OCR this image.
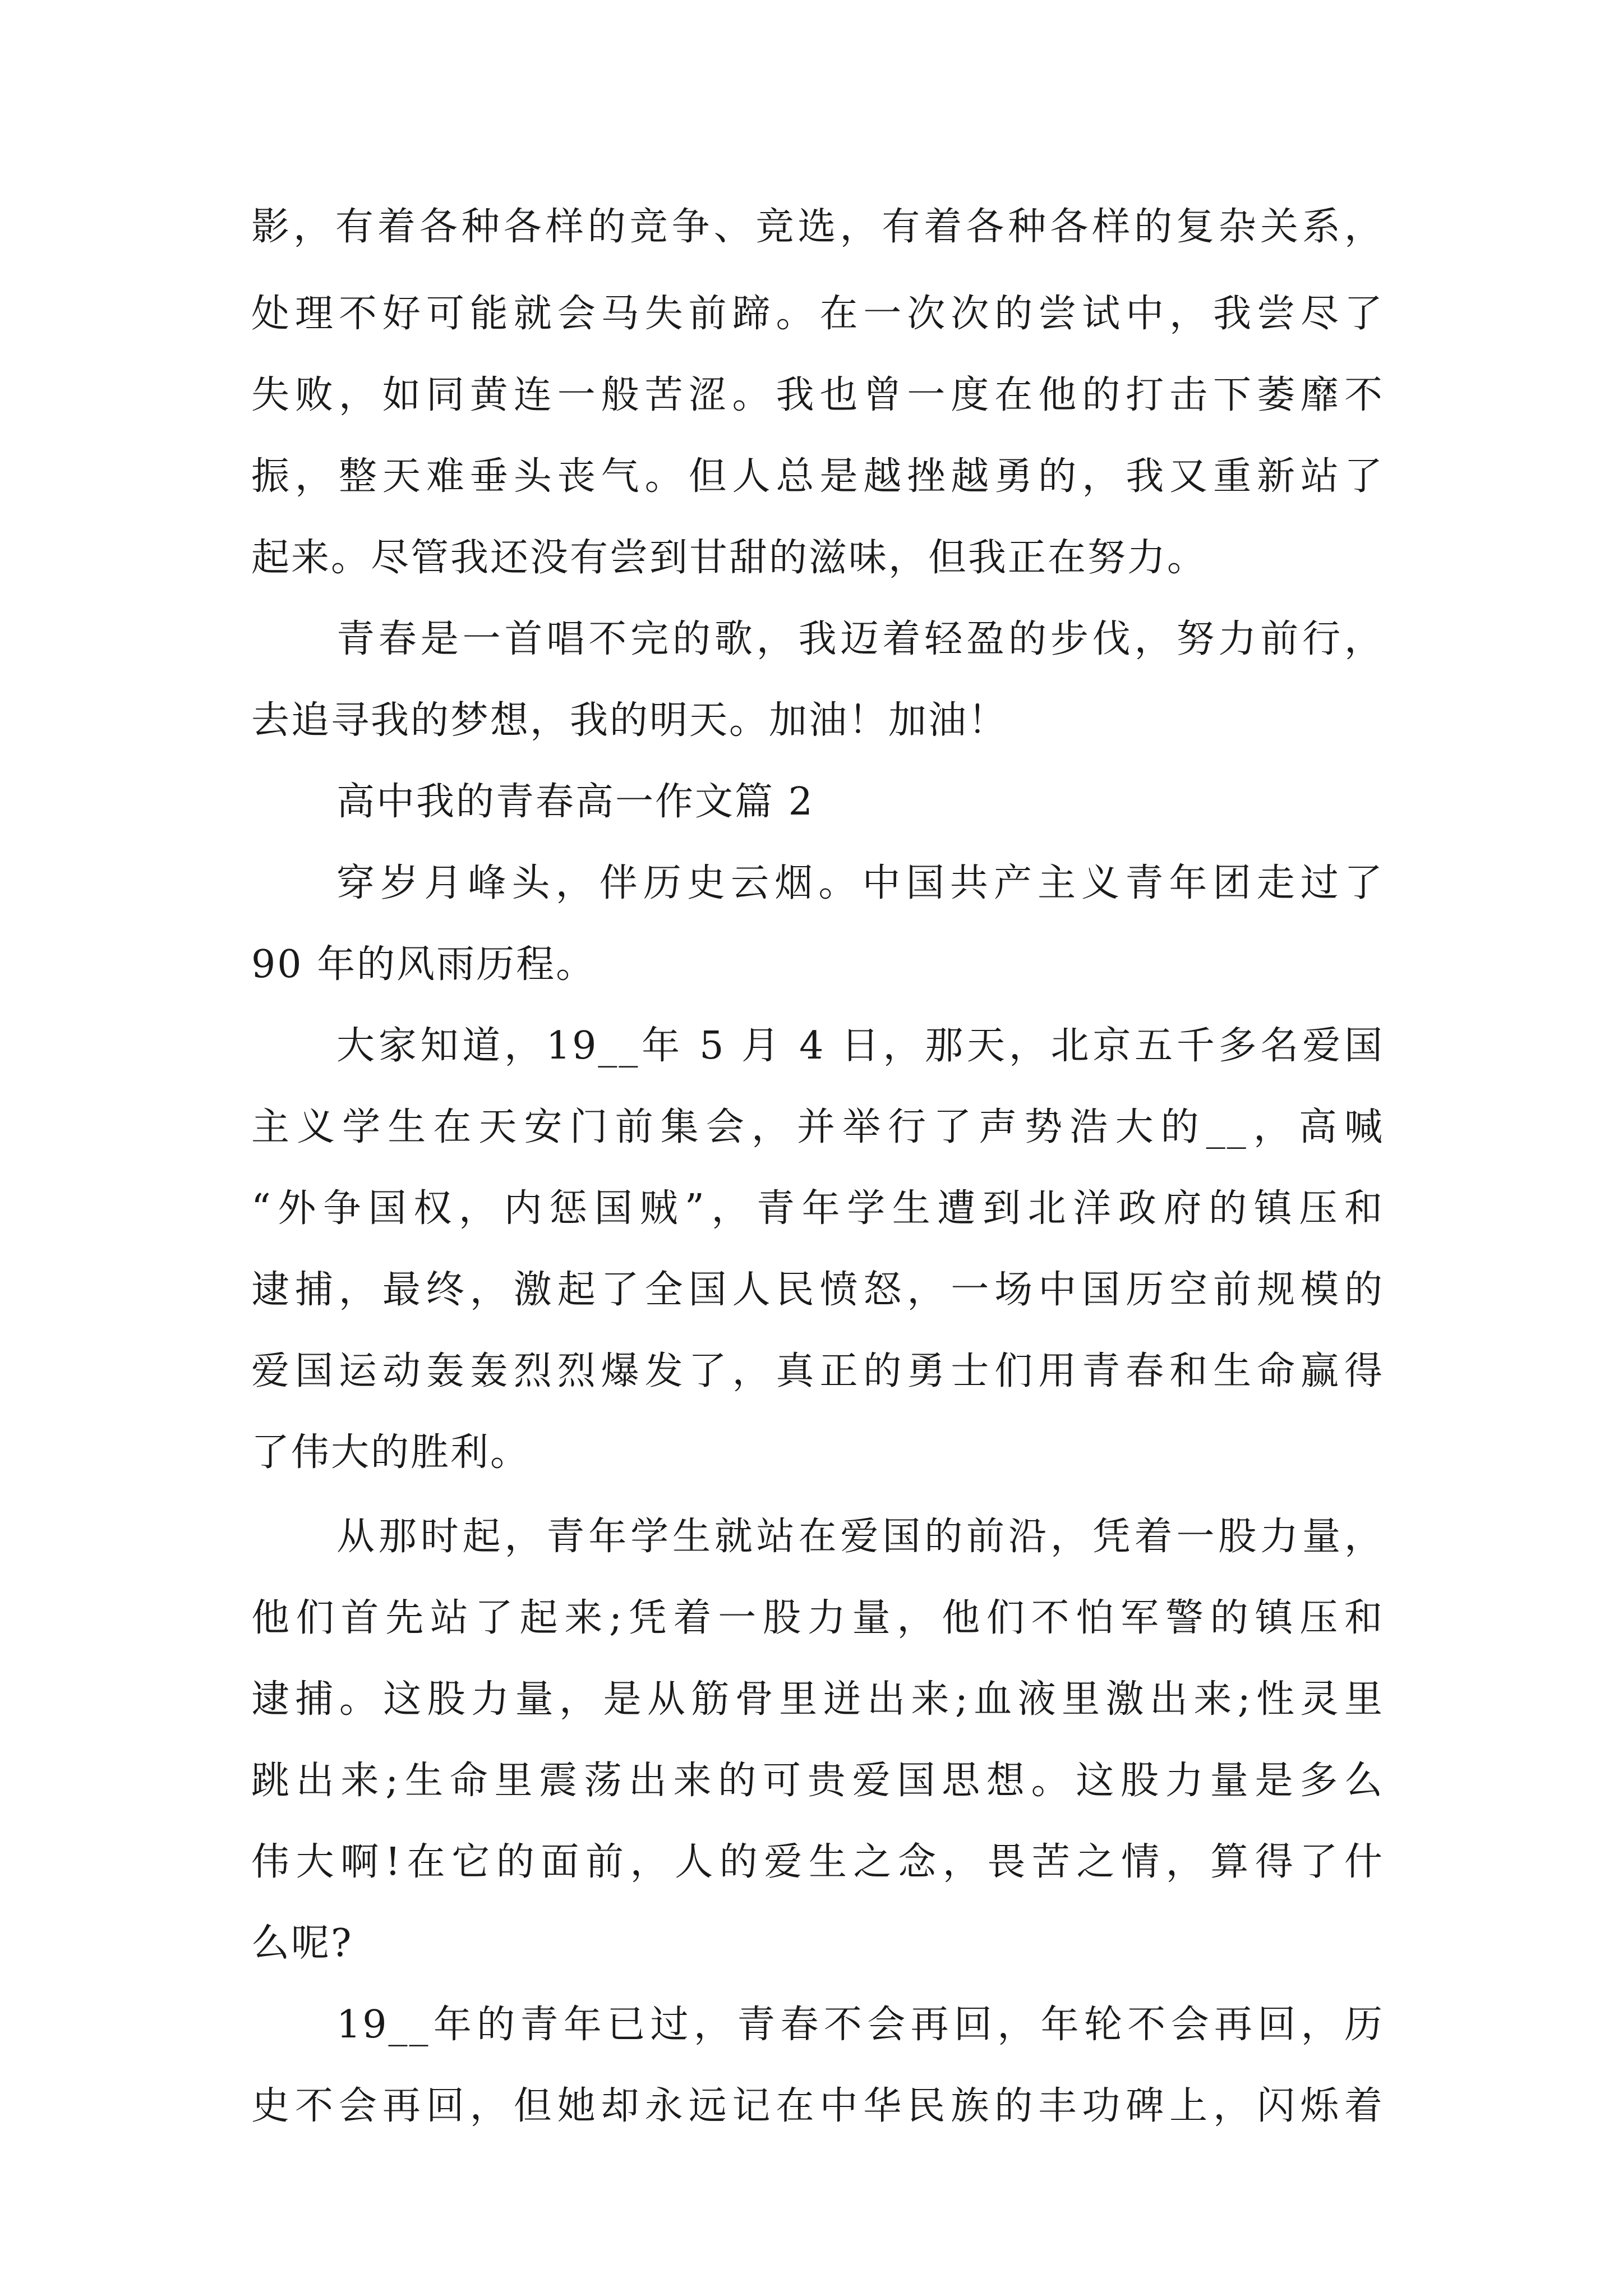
影，有着各种各样的竞争、竞选，有着各种各样的复杂关系，
处理不好可能就会马失前蹄。在一次次的尝试中，我尝尽了
失败，如同黄连一般苦涩。我也曾一度在他的打击下萎靡不
振，整天难垂头丧气。但人总是越挫越勇的，我又重新站了
起来。尽管我还没有尝到甘甜的滋味，但我正在努力。
青春是一首唱不完的歌，我迈着轻盈的步伐，努力前行，
去追寻我的梦想，我的明天。加油！加油！
高中我的青春高一作文篇 2
穿岁月峰头，伴历史云烟。中国共产主义青年团走过了
90 年的风雨历程。
大家知道，19__年 5 月 4 日，那天，北京五千多名爱国
主义学生在天安门前集会，并举行了声势浩大的__，高喊
“外争国权，内惩国贼”，青年学生遭到北洋政府的镇压和
逮捕，最终，激起了全国人民愤怒，一场中国历空前规模的
爱国运动轰轰烈烈爆发了，真正的勇士们用青春和生命赢得
了伟大的胜利。
从那时起，青年学生就站在爱国的前沿，凭着一股力量，
他们首先站了起来;凭着一股力量，他们不怕军警的镇压和
逮捕。这股力量，是从筋骨里迸出来;血液里激出来;性灵里
跳出来;生命里震荡出来的可贵爱国思想。这股力量是多么
伟大啊!在它的面前，人的爱生之念，畏苦之情，算得了什
么呢?
19__年的青年已过，青春不会再回，年轮不会再回，历
史不会再回，但她却永远记在中华民族的丰功碑上，闪烁着
